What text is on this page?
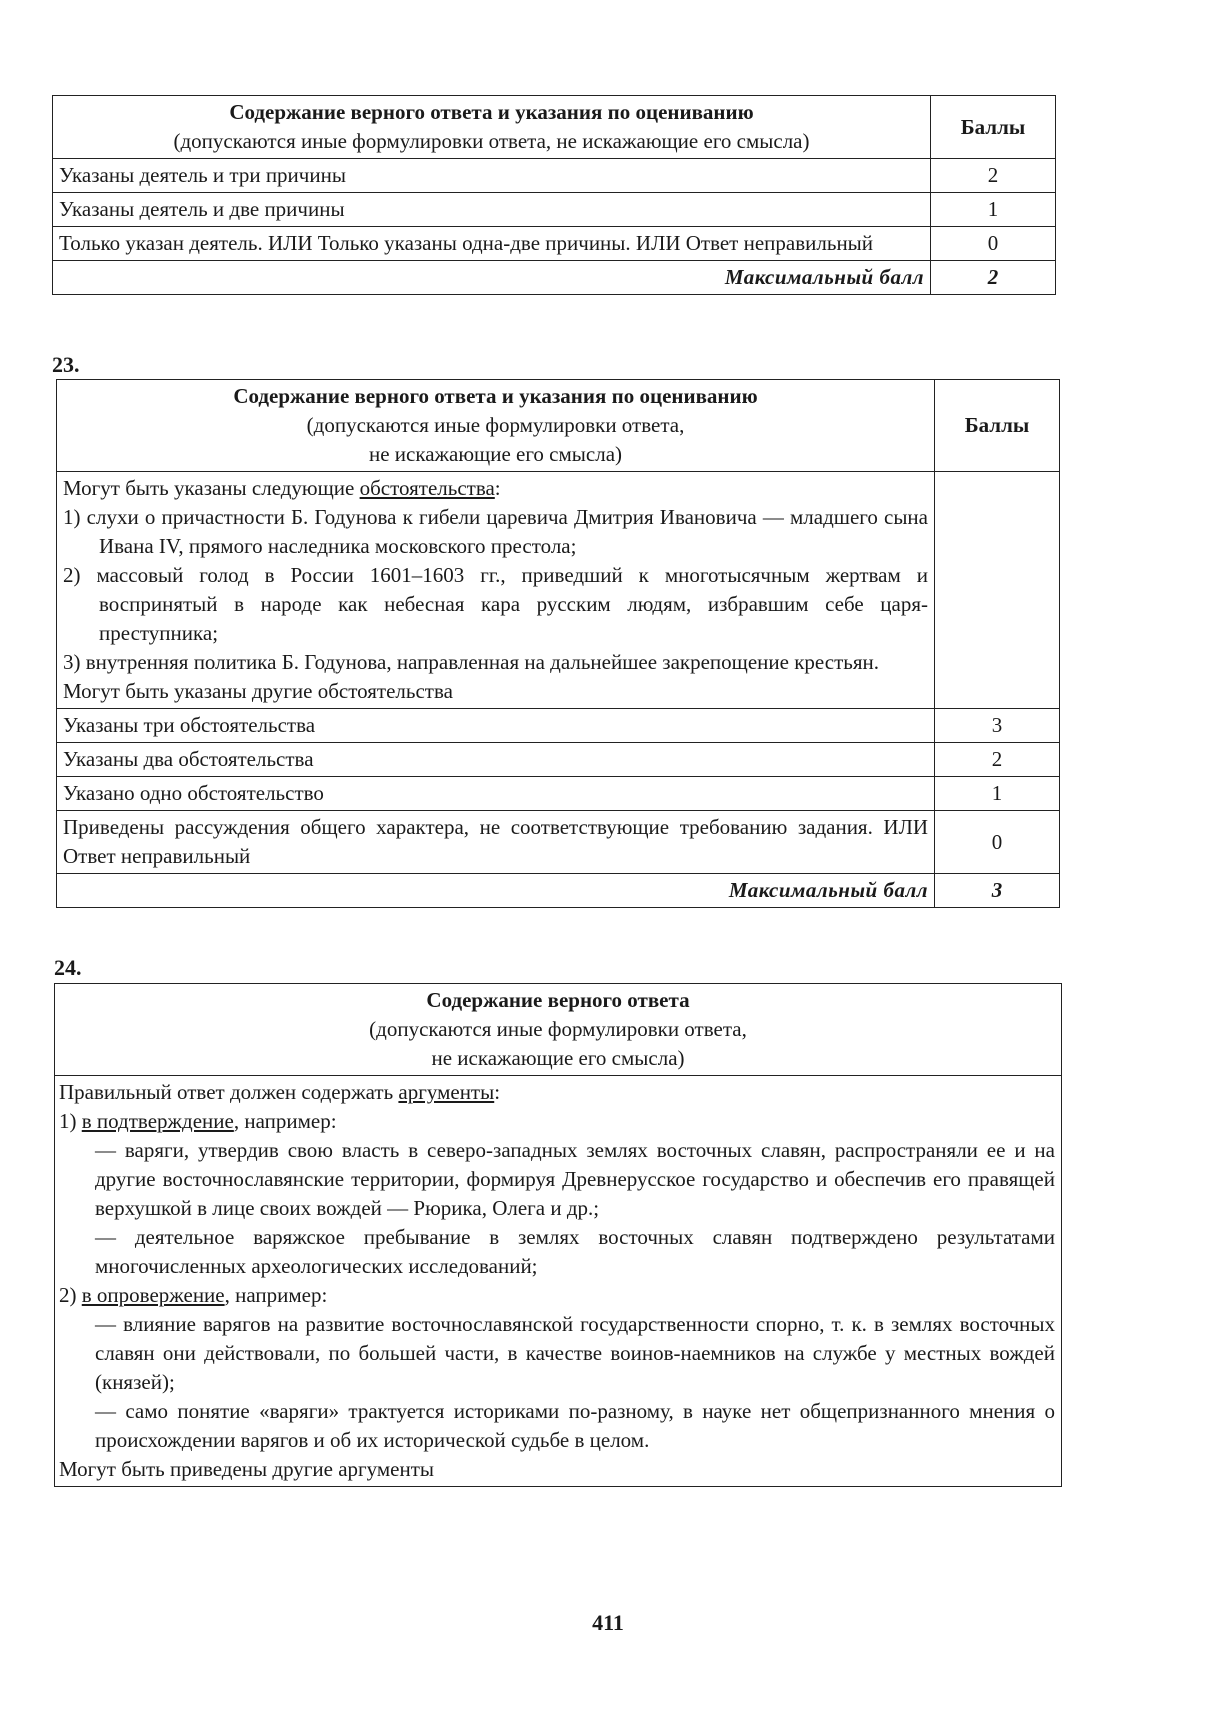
Содержание верного ответа и указания по оцениванию
(допускаются иные формулировки ответа, не искажающие его смысла)	Баллы
Указаны деятель и три причины	2
Указаны деятель и две причины	1
Только указан деятель. ИЛИ Только указаны одна-две причины. ИЛИ Ответ неправильный	0
Максимальный балл	2
23.
Содержание верного ответа и указания по оцениванию
(допускаются иные формулировки ответа,
не искажающие его смысла)	Баллы

Могут быть указаны следующие обстоятельства:
1) слухи о причастности Б. Годунова к гибели царевича Дмитрия Ивановича — младшего сына Ивана IV, прямого наследника московского престола;
2) массовый голод в России 1601–1603 гг., приведший к многотысячным жертвам и воспринятый в народе как небесная кара русским людям, избравшим себе царя-преступника;
3) внутренняя политика Б. Годунова, направленная на дальнейшее закрепощение крестьян.
Могут быть указаны другие обстоятельства	

Указаны три обстоятельства	3
Указаны два обстоятельства	2
Указано одно обстоятельство	1
Приведены рассуждения общего характера, не соответствующие требованию задания. ИЛИ Ответ неправильный	0
Максимальный балл	3
24.
Содержание верного ответа
(допускаются иные формулировки ответа,
не искажающие его смысла)

Правильный ответ должен содержать аргументы:
1) в подтверждение, например:
— варяги, утвердив свою власть в северо-западных землях восточных славян, распространяли ее и на другие восточнославянские территории, формируя Древнерусское государство и обеспечив его правящей верхушкой в лице своих вождей — Рюрика, Олега и др.;
— деятельное варяжское пребывание в землях восточных славян подтверждено результатами многочисленных археологических исследований;
2) в опровержение, например:
— влияние варягов на развитие восточнославянской государственности спорно, т. к. в землях восточных славян они действовали, по большей части, в качестве воинов-наемников на службе у местных вождей (князей);
— само понятие «варяги» трактуется историками по-разному, в науке нет общепризнанного мнения о происхождении варягов и об их исторической судьбе в целом.
Могут быть приведены другие аргументы
411
